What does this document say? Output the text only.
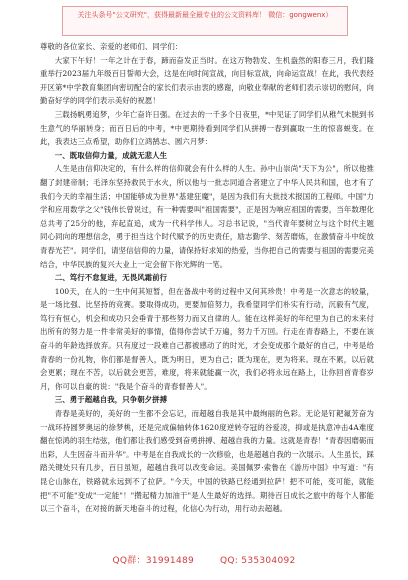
关注头条号"公文研究"，获得最新最全最专业的公文资料库！ 微信：gongwenx）

尊敬的各位家长、亲爱的老师们、同学们：

大家下午好！一年之计在于春，蹄而奋发正当时。在这万物勃发、生机盎然的阳春三月，我们隆重举行2023届九年级百日誓师大会，这是在向时间宣战，向目标宣战，向命运宣战！在此，我代表经开区第*中学教育集团向密切配合的家长们表示由衷的感谢，向敬业奉献的老师们表示崇切的慰问，向勤奋好学的同学们表示美好的祝愿！

三载扬帆勇追梦，少年亡奋许日强。在过去的一千多个日夜里，*中见证了同学们从稚气未脱到书生意气的华丽转身；而百日后的中考，*中更期待看到同学们从拼搏一春到赢取一生的惊喜蜕变。在此，我表达三点希望，助你们立鸿鹄志、圆六月梦：

一、既取信仰力量，成就无悲人生

人生是由信仰决定的，有什么样的信仰就会有什么样的人生。孙中山崇尚"天下为公"，所以他推翻了封建帝制；毛泽东坚持救民于水火，所以他与一批志同道合者建立了中华人民共和国，也才有了我们今天的幸福生活；中国能够成为世界"基建狂魔"，是因为我们有大批技术报国的工程师。中国"力学和应用数学之父"钱伟长曾说过，有一种需要叫"祖国需要"，正是因为响应祖国的需要，当年数理化总共考了25分的他，弃起直追，成为一代科学伟人。习总书记说，"当代青年要树立与这个时代主题同心同向的理想信念，勇于担当这个时代赋予的历史责任，励志勤学、刻苦磨炼，在激情奋斗中绽放青春光芒"。同学们，请坚信信仰的力量，请保持好求知的热爱，当你把自己的需要与祖国的需要完美结合，中华民族的复兴大业上一定会留下你光辉的一笔。

二、笃行不怠复进，无畏风霜前行

100天，在人的一生中何其短暂，但在备战中考的过程中又何其珍贵！中考是一次意志的较量，是一场比强、比坚持的竞赛。要取得成功，更要加倍努力，我希望同学们朴实有行动，沉毅有气度，笃行有恒心，机会和成功只会垂青于那些努力而又自律的人。能在这样美好的年纪里为自己的未来付出所有的努力是一件非常美好的事情，值得你尝试千万遍，努力千万回。行走在青春路上，不要在该奋斗的年龄选择放弃。只有度过一段难自己都被感动了的时光，才会变成那个最好的自己，中考是给青春的一份礼物，你们都是督善人，既为明日，更为自己；既为现在，更为将来。现在不累，以后就会更累；现在不苦，以后就会更苦，难度，将来就能赢一次，我们必将永远在路上，让你回首青春岁月，你可以自豪的说："我是个奋斗的青春督善人"。

三、勇于超越自我，只争朝夕拼搏

青春是美好的，美好的一生都不会忘记，而超越自我是其中最绚丽的色彩。无论是钉耙氟芳奋为一战环持圆梦奥运的徐梦桃，还是完成偏轴转体1620度逆转夺冠的谷爱凌，抑或是执意冲击4A难度翻在惊鸿的羽生结弦，他们都让我们感受到奋勇拼搏、超越自我的力量。这就是青春！"青春因磨砺而出彩，人生因奋斗而升华"。中考是在自我成长的一次修验，也是超越自我的一次展示。人生虽长，踩踏关键处只有几步，百日虽短，超越自我可以改变命运。美国佩罗·索鲁在《游历中国》中写道："有昆仑山脉在，铁路就永远到不了拉萨。"今天，中国的铁路已经通到拉萨！把不可能，变可能，就能把"不可能"变成"一定能"！"攒起精力加油干"是人生最好的选择。期待百日成长之旅中的每个人都能以三个奋斗，在对接的新天地奋斗的过程，化信心为行动，用行动去超越。

QQ群：31991489	QQ: 535304092
